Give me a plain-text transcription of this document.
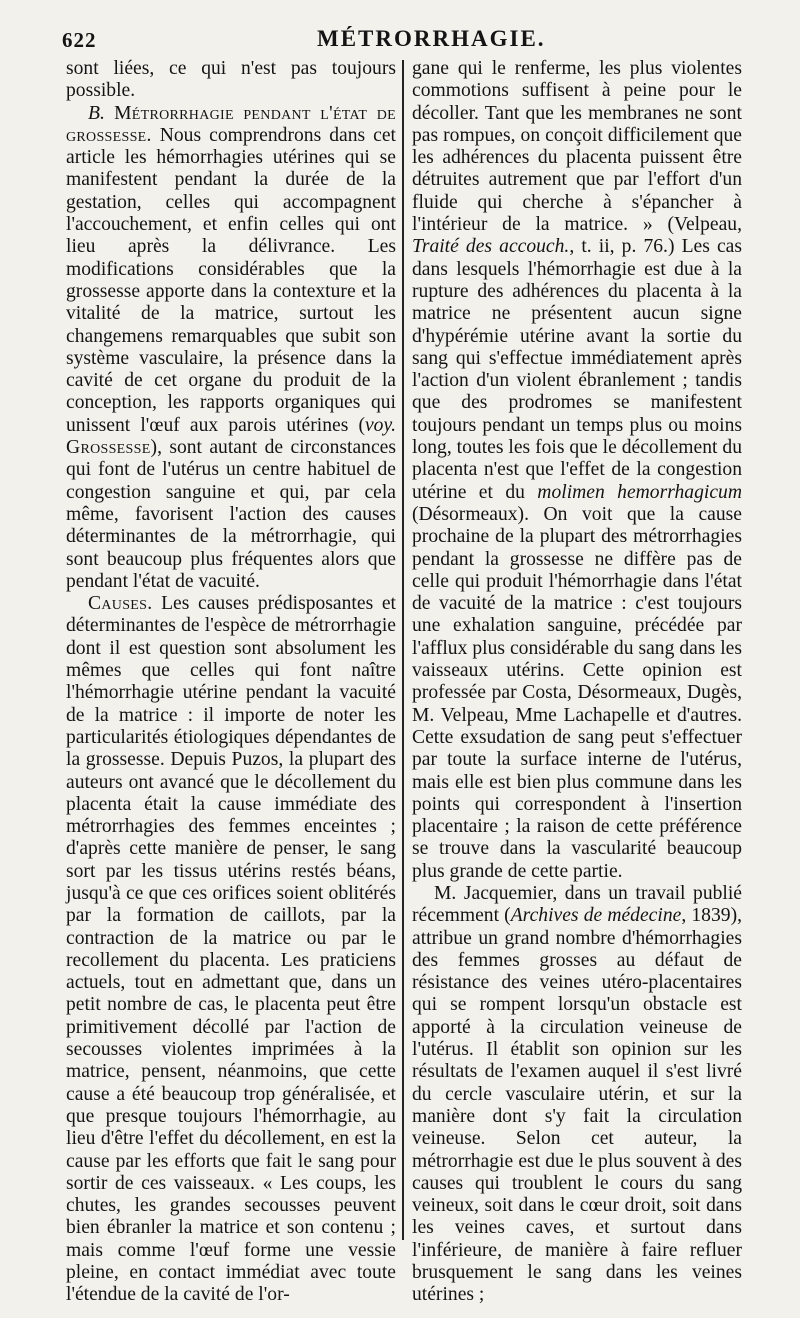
622	MÉTRORRHAGIE.

sont liées, ce qui n'est pas toujours possible.

B. Métrorrhagie pendant l'état de grossesse. Nous comprendrons dans cet article les hémorrhagies utérines qui se manifestent pendant la durée de la gestation, celles qui accompagnent l'accouchement, et enfin celles qui ont lieu après la délivrance. Les modifications considérables que la grossesse apporte dans la contexture et la vitalité de la matrice, surtout les changemens remarquables que subit son système vasculaire, la présence dans la cavité de cet organe du produit de la conception, les rapports organiques qui unissent l'œuf aux parois utérines (voy. Grossesse), sont autant de circonstances qui font de l'utérus un centre habituel de congestion sanguine et qui, par cela même, favorisent l'action des causes déterminantes de la métrorrhagie, qui sont beaucoup plus fréquentes alors que pendant l'état de vacuité.

Causes. Les causes prédisposantes et déterminantes de l'espèce de métrorrhagie dont il est question sont absolument les mêmes que celles qui font naître l'hémorrhagie utérine pendant la vacuité de la matrice : il importe de noter les particularités étiologiques dépendantes de la grossesse. Depuis Puzos, la plupart des auteurs ont avancé que le décollement du placenta était la cause immédiate des métrorrhagies des femmes enceintes ; d'après cette manière de penser, le sang sort par les tissus utérins restés béans, jusqu'à ce que ces orifices soient oblitérés par la formation de caillots, par la contraction de la matrice ou par le recollement du placenta. Les praticiens actuels, tout en admettant que, dans un petit nombre de cas, le placenta peut être primitivement décollé par l'action de secousses violentes imprimées à la matrice, pensent, néanmoins, que cette cause a été beaucoup trop généralisée, et que presque toujours l'hémorrhagie, au lieu d'être l'effet du décollement, en est la cause par les efforts que fait le sang pour sortir de ces vaisseaux. « Les coups, les chutes, les grandes secousses peuvent bien ébranler la matrice et son contenu ; mais comme l'œuf forme une vessie pleine, en contact immédiat avec toute l'étendue de la cavité de l'or-

gane qui le renferme, les plus violentes commotions suffisent à peine pour le décoller. Tant que les membranes ne sont pas rompues, on conçoit difficilement que les adhérences du placenta puissent être détruites autrement que par l'effort d'un fluide qui cherche à s'épancher à l'intérieur de la matrice. » (Velpeau, Traité des accouch., t. ii, p. 76.) Les cas dans lesquels l'hémorrhagie est due à la rupture des adhérences du placenta à la matrice ne présentent aucun signe d'hypérémie utérine avant la sortie du sang qui s'effectue immédiatement après l'action d'un violent ébranlement ; tandis que des prodromes se manifestent toujours pendant un temps plus ou moins long, toutes les fois que le décollement du placenta n'est que l'effet de la congestion utérine et du molimen hemorrhagicum (Désormeaux). On voit que la cause prochaine de la plupart des métrorrhagies pendant la grossesse ne diffère pas de celle qui produit l'hémorrhagie dans l'état de vacuité de la matrice : c'est toujours une exhalation sanguine, précédée par l'afflux plus considérable du sang dans les vaisseaux utérins. Cette opinion est professée par Costa, Désormeaux, Dugès, M. Velpeau, Mme Lachapelle et d'autres. Cette exsudation de sang peut s'effectuer par toute la surface interne de l'utérus, mais elle est bien plus commune dans les points qui correspondent à l'insertion placentaire ; la raison de cette préférence se trouve dans la vascularité beaucoup plus grande de cette partie.

M. Jacquemier, dans un travail publié récemment (Archives de médecine, 1839), attribue un grand nombre d'hémorrhagies des femmes grosses au défaut de résistance des veines utéro-placentaires qui se rompent lorsqu'un obstacle est apporté à la circulation veineuse de l'utérus. Il établit son opinion sur les résultats de l'examen auquel il s'est livré du cercle vasculaire utérin, et sur la manière dont s'y fait la circulation veineuse. Selon cet auteur, la métrorrhagie est due le plus souvent à des causes qui troublent le cours du sang veineux, soit dans le cœur droit, soit dans les veines caves, et surtout dans l'inférieure, de manière à faire refluer brusquement le sang dans les veines utérines ;
